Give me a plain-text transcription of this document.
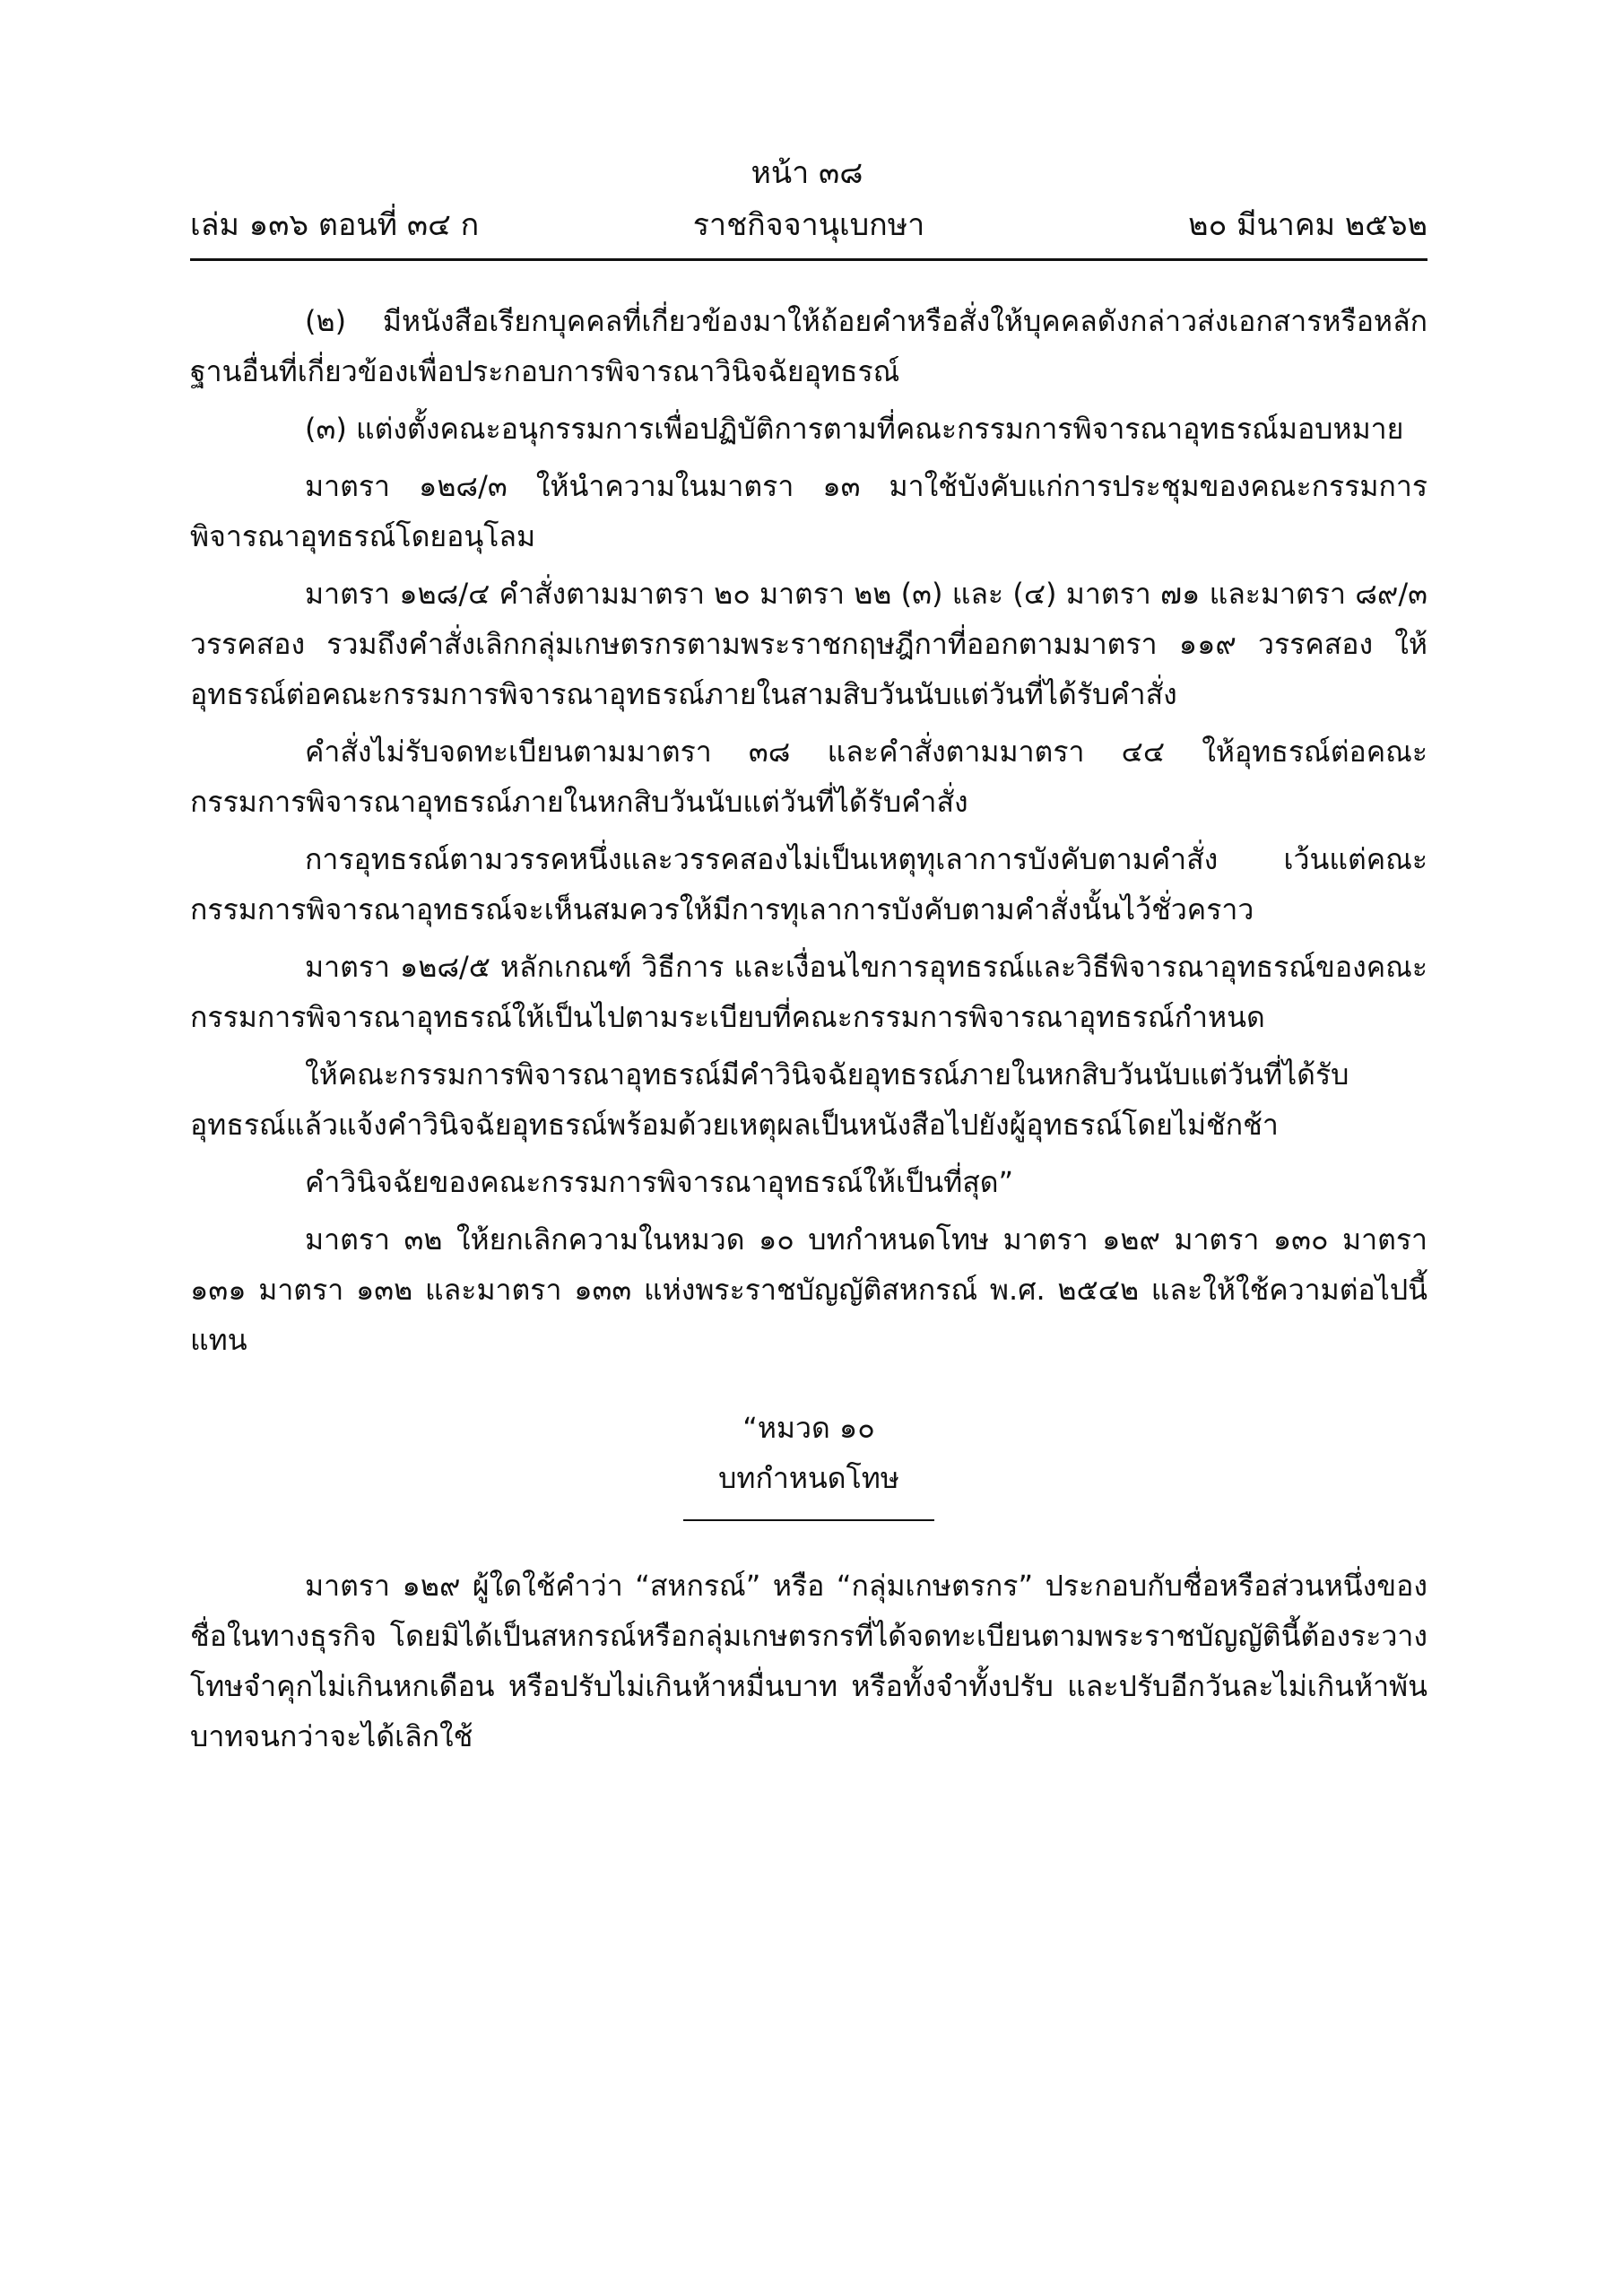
หน้า ๓๘
ราชกิจจานุเบกษา
เล่ม ๑๓๖ ตอนที่ ๓๔ ก	๒๐ มีนาคม ๒๕๖๒

(๒) มีหนังสือเรียกบุคคลที่เกี่ยวข้องมาให้ถ้อยคำหรือสั่งให้บุคคลดังกล่าวส่งเอกสารหรือหลักฐานอื่นที่เกี่ยวข้องเพื่อประกอบการพิจารณาวินิจฉัยอุทธรณ์

(๓) แต่งตั้งคณะอนุกรรมการเพื่อปฏิบัติการตามที่คณะกรรมการพิจารณาอุทธรณ์มอบหมาย

มาตรา ๑๒๘/๓ ให้นำความในมาตรา ๑๓ มาใช้บังคับแก่การประชุมของคณะกรรมการพิจารณาอุทธรณ์โดยอนุโลม

มาตรา ๑๒๘/๔ คำสั่งตามมาตรา ๒๐ มาตรา ๒๒ (๓) และ (๔) มาตรา ๗๑ และมาตรา ๘๙/๓ วรรคสอง รวมถึงคำสั่งเลิกกลุ่มเกษตรกรตามพระราชกฤษฎีกาที่ออกตามมาตรา ๑๑๙ วรรคสอง ให้อุทธรณ์ต่อคณะกรรมการพิจารณาอุทธรณ์ภายในสามสิบวันนับแต่วันที่ได้รับคำสั่ง

คำสั่งไม่รับจดทะเบียนตามมาตรา ๓๘ และคำสั่งตามมาตรา ๔๔ ให้อุทธรณ์ต่อคณะกรรมการพิจารณาอุทธรณ์ภายในหกสิบวันนับแต่วันที่ได้รับคำสั่ง

การอุทธรณ์ตามวรรคหนึ่งและวรรคสองไม่เป็นเหตุทุเลาการบังคับตามคำสั่ง เว้นแต่คณะกรรมการพิจารณาอุทธรณ์จะเห็นสมควรให้มีการทุเลาการบังคับตามคำสั่งนั้นไว้ชั่วคราว

มาตรา ๑๒๘/๕ หลักเกณฑ์ วิธีการ และเงื่อนไขการอุทธรณ์และวิธีพิจารณาอุทธรณ์ของคณะกรรมการพิจารณาอุทธรณ์ให้เป็นไปตามระเบียบที่คณะกรรมการพิจารณาอุทธรณ์กำหนด

ให้คณะกรรมการพิจารณาอุทธรณ์มีคำวินิจฉัยอุทธรณ์ภายในหกสิบวันนับแต่วันที่ได้รับอุทธรณ์แล้วแจ้งคำวินิจฉัยอุทธรณ์พร้อมด้วยเหตุผลเป็นหนังสือไปยังผู้อุทธรณ์โดยไม่ชักช้า

คำวินิจฉัยของคณะกรรมการพิจารณาอุทธรณ์ให้เป็นที่สุด”

มาตรา ๓๒ ให้ยกเลิกความในหมวด ๑๐ บทกำหนดโทษ มาตรา ๑๒๙ มาตรา ๑๓๐ มาตรา ๑๓๑ มาตรา ๑๓๒ และมาตรา ๑๓๓ แห่งพระราชบัญญัติสหกรณ์ พ.ศ. ๒๕๔๒ และให้ใช้ความต่อไปนี้แทน

“หมวด ๑๐
บทกำหนดโทษ

มาตรา ๑๒๙ ผู้ใดใช้คำว่า “สหกรณ์” หรือ “กลุ่มเกษตรกร” ประกอบกับชื่อหรือส่วนหนึ่งของชื่อในทางธุรกิจ โดยมิได้เป็นสหกรณ์หรือกลุ่มเกษตรกรที่ได้จดทะเบียนตามพระราชบัญญัตินี้ต้องระวางโทษจำคุกไม่เกินหกเดือน หรือปรับไม่เกินห้าหมื่นบาท หรือทั้งจำทั้งปรับ และปรับอีกวันละไม่เกินห้าพันบาทจนกว่าจะได้เลิกใช้
